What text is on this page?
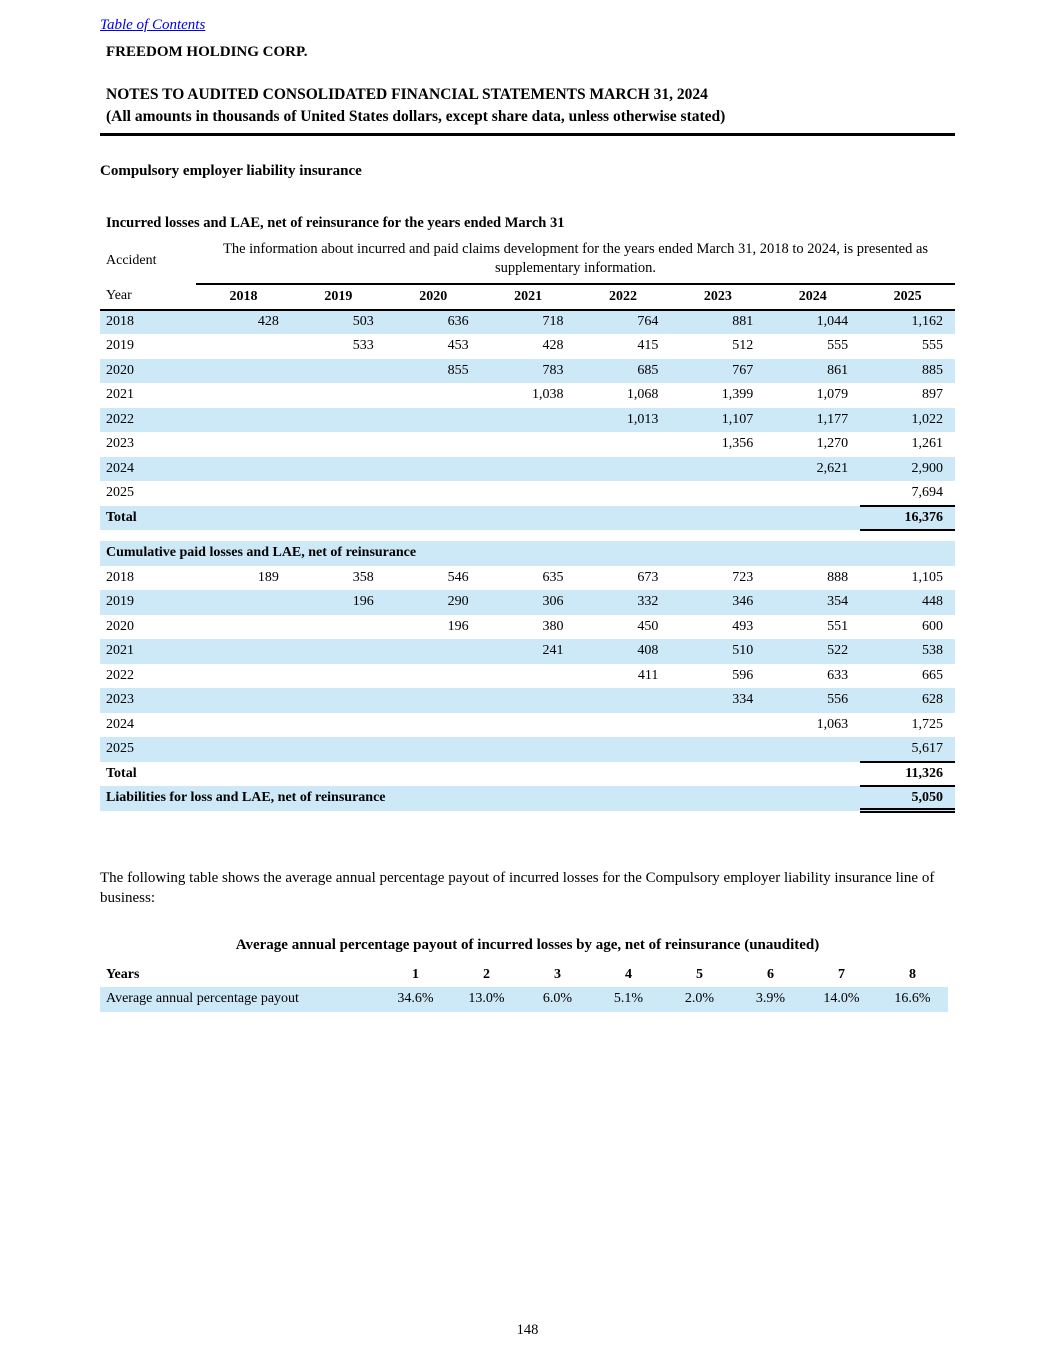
Table of Contents
FREEDOM HOLDING CORP.
NOTES TO AUDITED CONSOLIDATED FINANCIAL STATEMENTS MARCH 31, 2024
(All amounts in thousands of United States dollars, except share data, unless otherwise stated)
Compulsory employer liability insurance
Incurred losses and LAE, net of reinsurance for the years ended March 31
Accident	The information about incurred and paid claims development for the years ended March 31, 2018 to 2024, is presented as supplementary information.							
Year	2018	2019	2020	2021	2022	2023	2024	2025
2018	428	503	636	718	764	881	1,044	1,162
2019		533	453	428	415	512	555	555
2020			855	783	685	767	861	885
2021				1,038	1,068	1,399	1,079	897
2022					1,013	1,107	1,177	1,022
2023						1,356	1,270	1,261
2024							2,621	2,900
2025								7,694
Total								16,376
Cumulative paid losses and LAE, net of reinsurance								
2018	189	358	546	635	673	723	888	1,105
2019		196	290	306	332	346	354	448
2020			196	380	450	493	551	600
2021				241	408	510	522	538
2022					411	596	633	665
2023						334	556	628
2024							1,063	1,725
2025								5,617
Total								11,326
Liabilities for loss and LAE, net of reinsurance								5,050
The following table shows the average annual percentage payout of incurred losses for the Compulsory employer liability insurance line of business:
Average annual percentage payout of incurred losses by age, net of reinsurance (unaudited)
Years	1	2	3	4	5	6	7	8
Average annual percentage payout	34.6%	13.0%	6.0%	5.1%	2.0%	3.9%	14.0%	16.6%
148
